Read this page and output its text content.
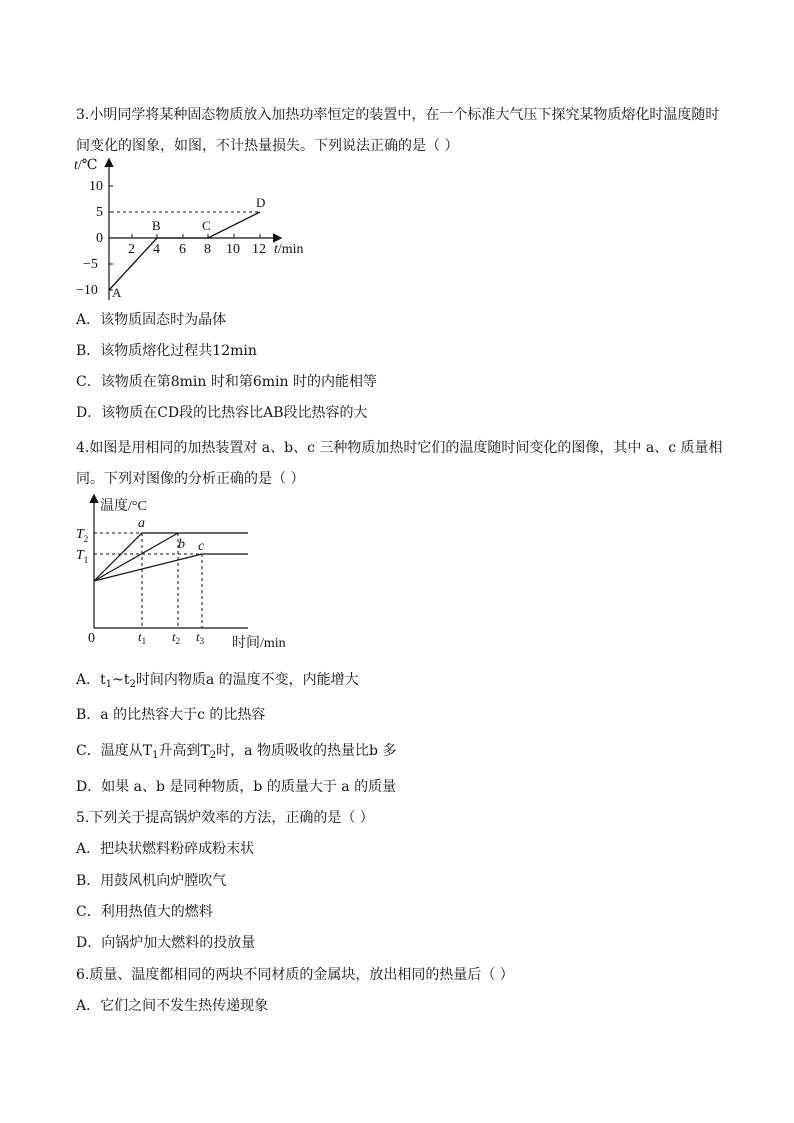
3.小明同学将某种固态物质放入加热功率恒定的装置中，在一个标准大气压下探究某物质熔化时温度随时间变化的图象，如图，不计热量损失。下列说法正确的是（ ）
t/℃
10
5
0
−5
−10
2 4 6 8 10 12 t/min
A
B	C
D
A．该物质固态时为晶体
B．该物质熔化过程共12min
C．该物质在第8min 时和第6min 时的内能相等
D．该物质在CD段的比热容比AB段比热容的大
4.如图是用相同的加热装置对 a、b、c 三种物质加热时它们的温度随时间变化的图像，其中 a、c 质量相同。下列对图像的分析正确的是（ ）
温度/°C
$T_2$
$T_1$
0	$t_1$ $t_2$ $t_3$ 时间/min
a
b c
A．$t_1\sim t_2$时间内物质a 的温度不变，内能增大
B．a 的比热容大于c 的比热容
C．温度从$T_1$升高到$T_2$时，a 物质吸收的热量比b 多
D．如果 a、b 是同种物质，b 的质量大于 a 的质量
5.下列关于提高锅炉效率的方法，正确的是（ ）
A．把块状燃料粉碎成粉末状
B．用鼓风机向炉膛吹气
C．利用热值大的燃料
D．向锅炉加大燃料的投放量
6.质量、温度都相同的两块不同材质的金属块，放出相同的热量后（ ）
A．它们之间不发生热传递现象
